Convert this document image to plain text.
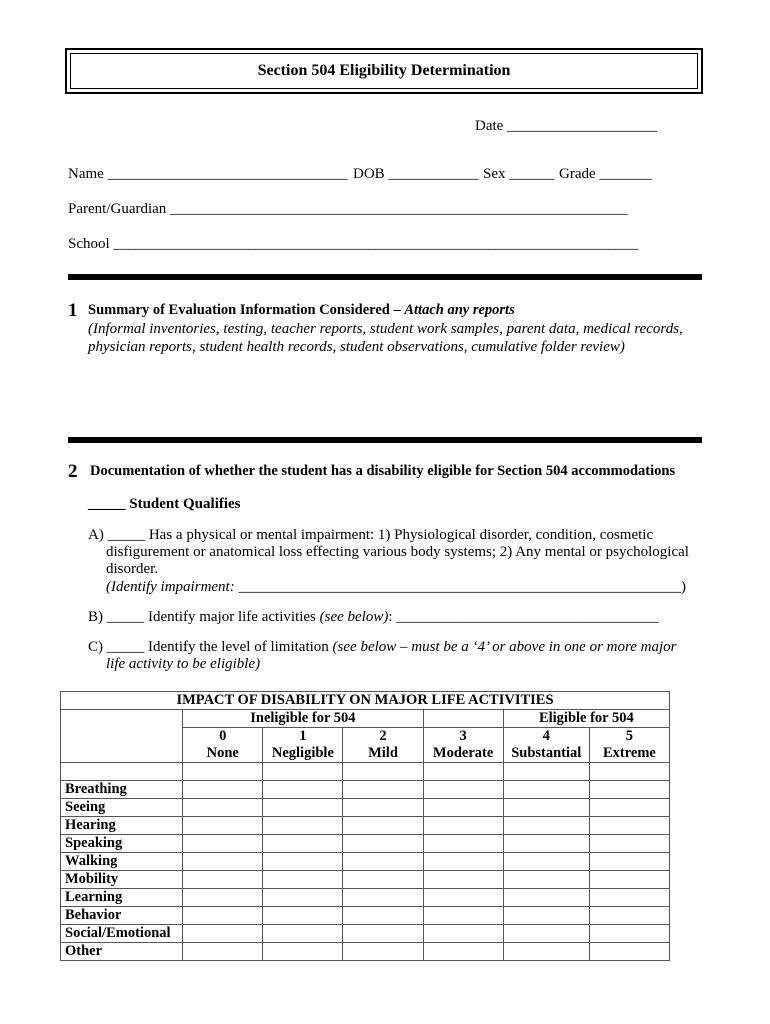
Section 504 Eligibility Determination
Date ____________________
Name ________________________________ DOB ____________ Sex ______ Grade _______
Parent/Guardian _____________________________________________________________
School ______________________________________________________________________
1 Summary of Evaluation Information Considered – Attach any reports
(Informal inventories, testing, teacher reports, student work samples, parent data, medical records,
physician reports, student health records, student observations, cumulative folder review)
2 Documentation of whether the student has a disability eligible for Section 504 accommodations
_____ Student Qualifies
A) _____ Has a physical or mental impairment: 1) Physiological disorder, condition, cosmetic
disfigurement or anatomical loss effecting various body systems; 2) Any mental or psychological
disorder.
(Identify impairment: ___________________________________________________________)
B) _____ Identify major life activities (see below): ___________________________________
C) _____ Identify the level of limitation (see below – must be a ‘4’ or above in one or more major
life activity to be eligible)
IMPACT OF DISABILITY ON MAJOR LIFE ACTIVITIES						
	Ineligible for 504				Eligible for 504	
	0	1	2	3	4	5
	None	Negligible	Mild	Moderate	Substantial	Extreme

Breathing						
Seeing						
Hearing						
Speaking						
Walking						
Mobility						
Learning						
Behavior						
Social/Emotional						
Other						
